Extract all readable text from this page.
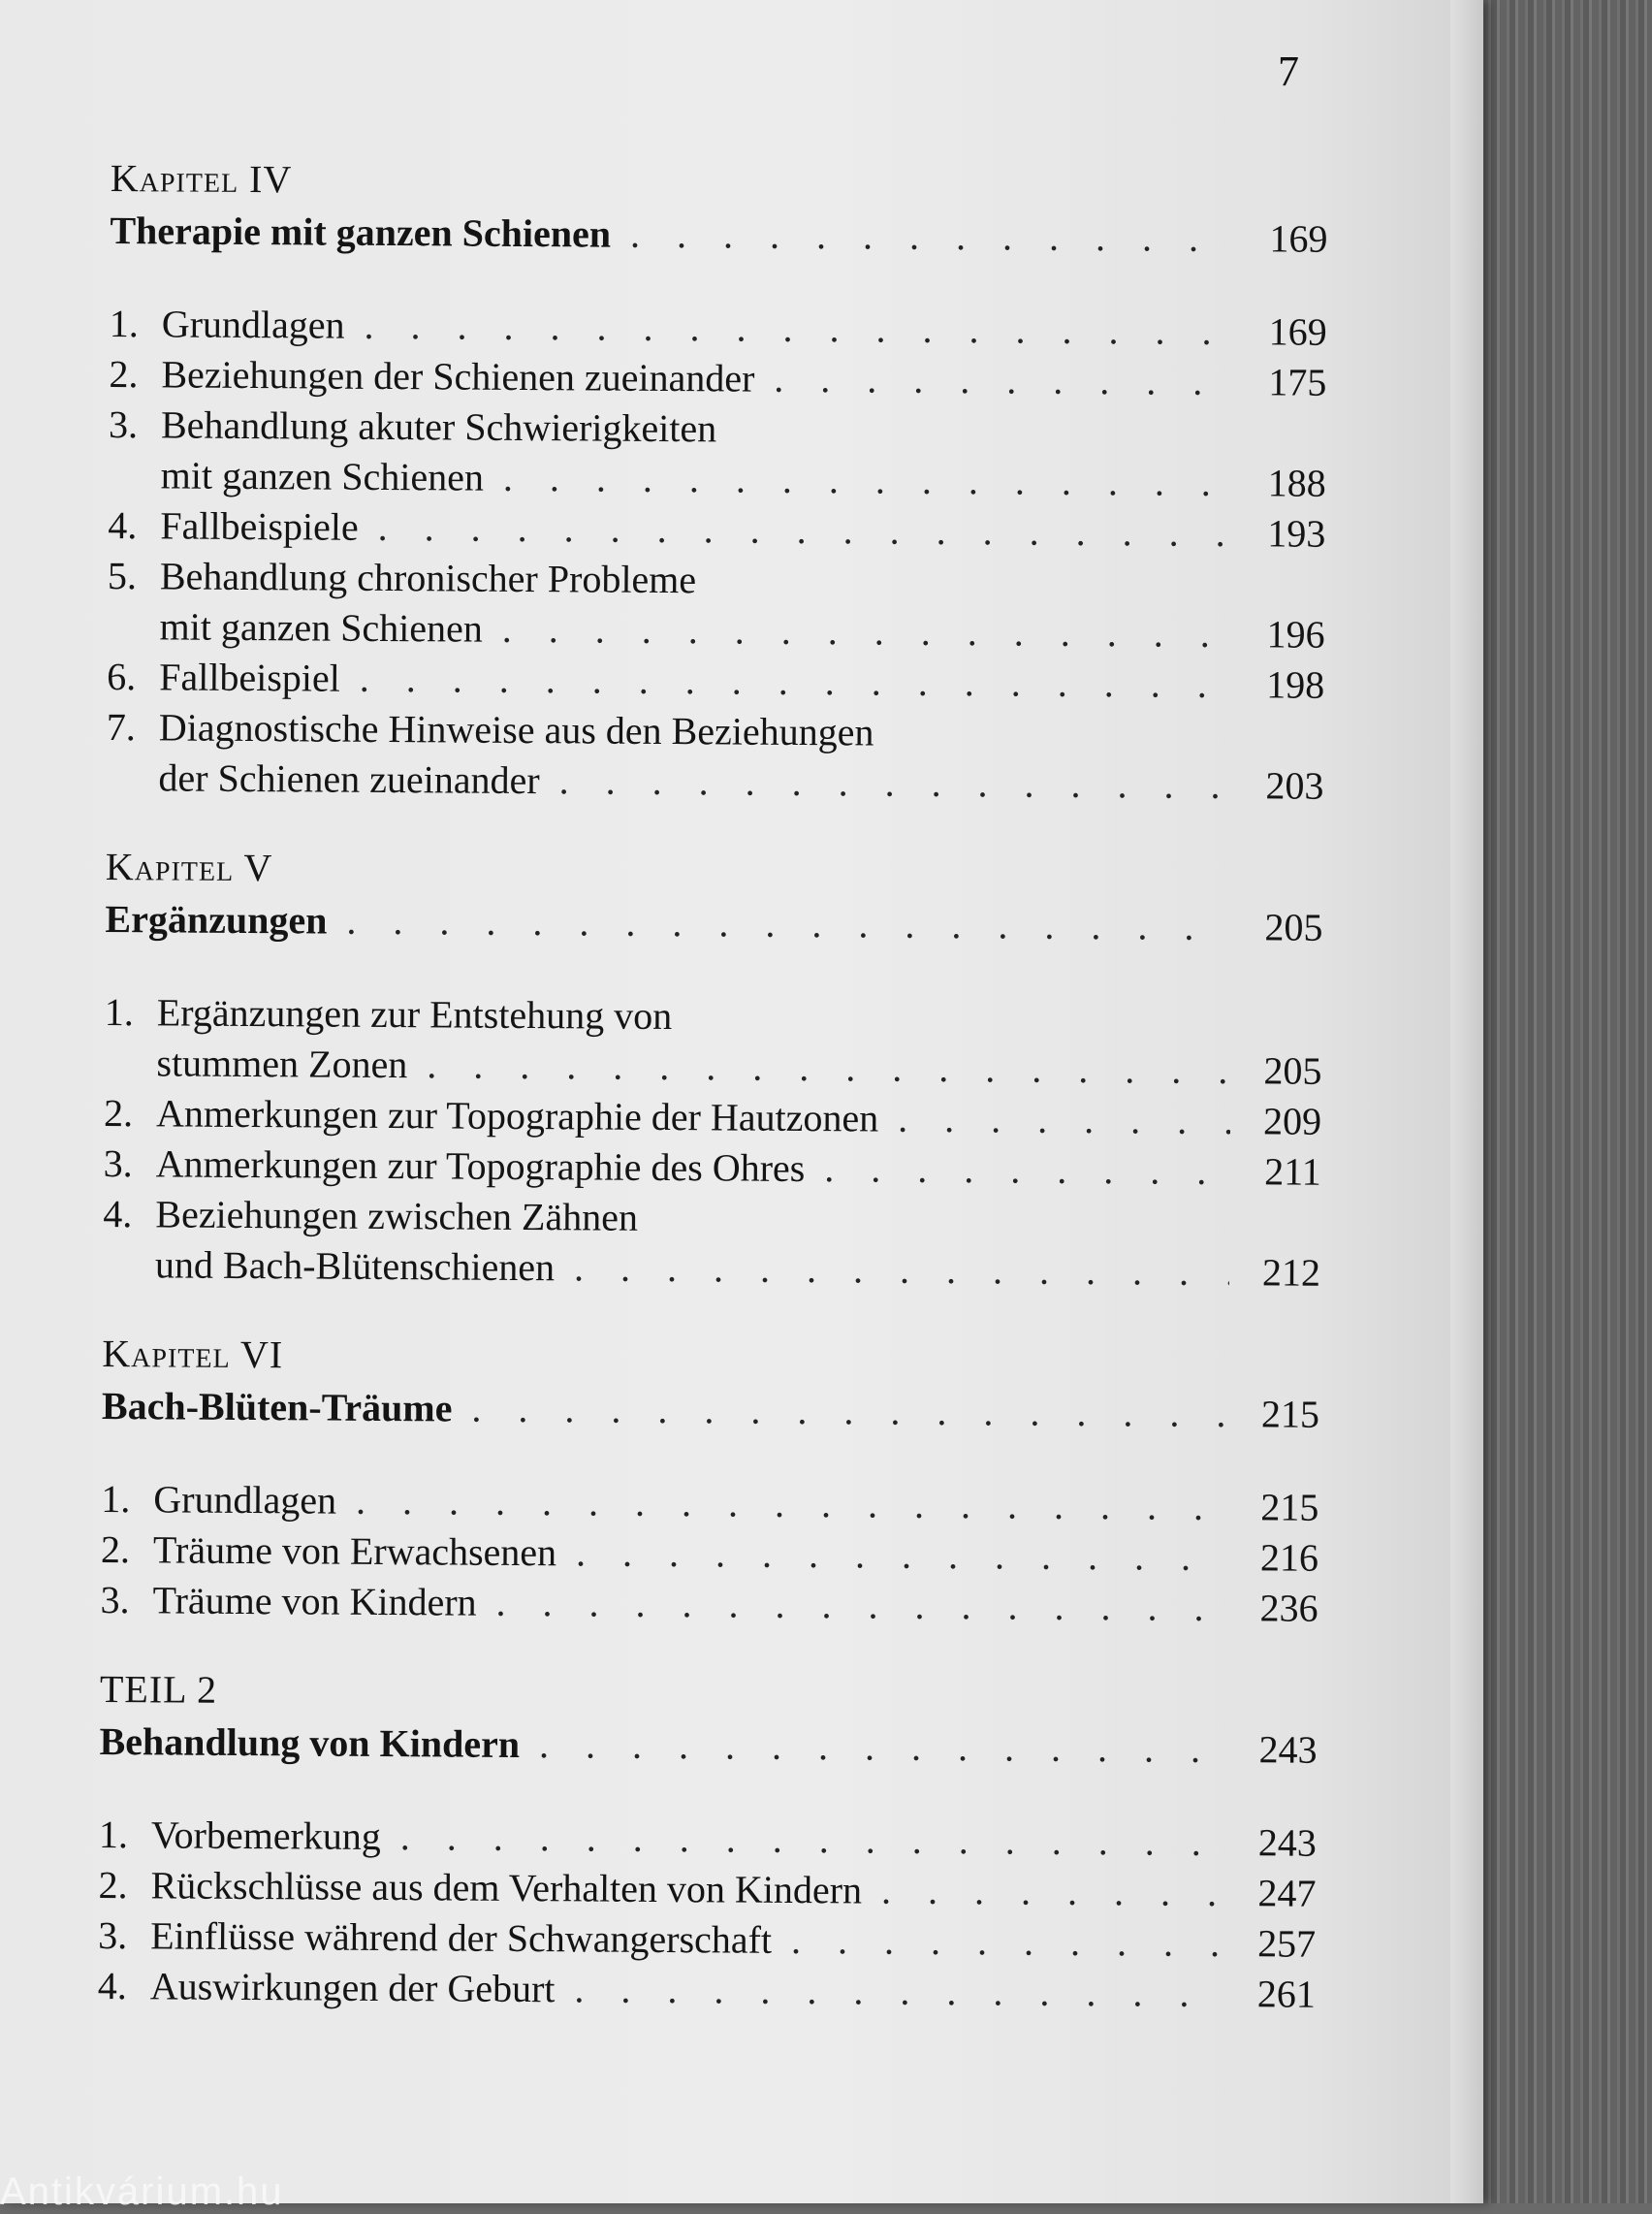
7
Kapitel IV
Therapie mit ganzen Schienen . . .	169
1. Grundlagen . . .	169
2. Beziehungen der Schienen zueinander . . .	175
3. Behandlung akuter Schwierigkeiten
mit ganzen Schienen . . .	188
4. Fallbeispiele . . .	193
5. Behandlung chronischer Probleme
mit ganzen Schienen . . .	196
6. Fallbeispiel . . .	198
7. Diagnostische Hinweise aus den Beziehungen
der Schienen zueinander . . .	203
Kapitel V
Ergänzungen . . .	205
1. Ergänzungen zur Entstehung von
stummen Zonen . . .	205
2. Anmerkungen zur Topographie der Hautzonen . . .	209
3. Anmerkungen zur Topographie des Ohres . . .	211
4. Beziehungen zwischen Zähnen
und Bach-Blütenschienen . . .	212
Kapitel VI
Bach-Blüten-Träume . . .	215
1. Grundlagen . . .	215
2. Träume von Erwachsenen . . .	216
3. Träume von Kindern . . .	236
TEIL 2
Behandlung von Kindern . . .	243
1. Vorbemerkung . . .	243
2. Rückschlüsse aus dem Verhalten von Kindern . . .	247
3. Einflüsse während der Schwangerschaft . . .	257
4. Auswirkungen der Geburt . . .	261
Antikvárium.hu
